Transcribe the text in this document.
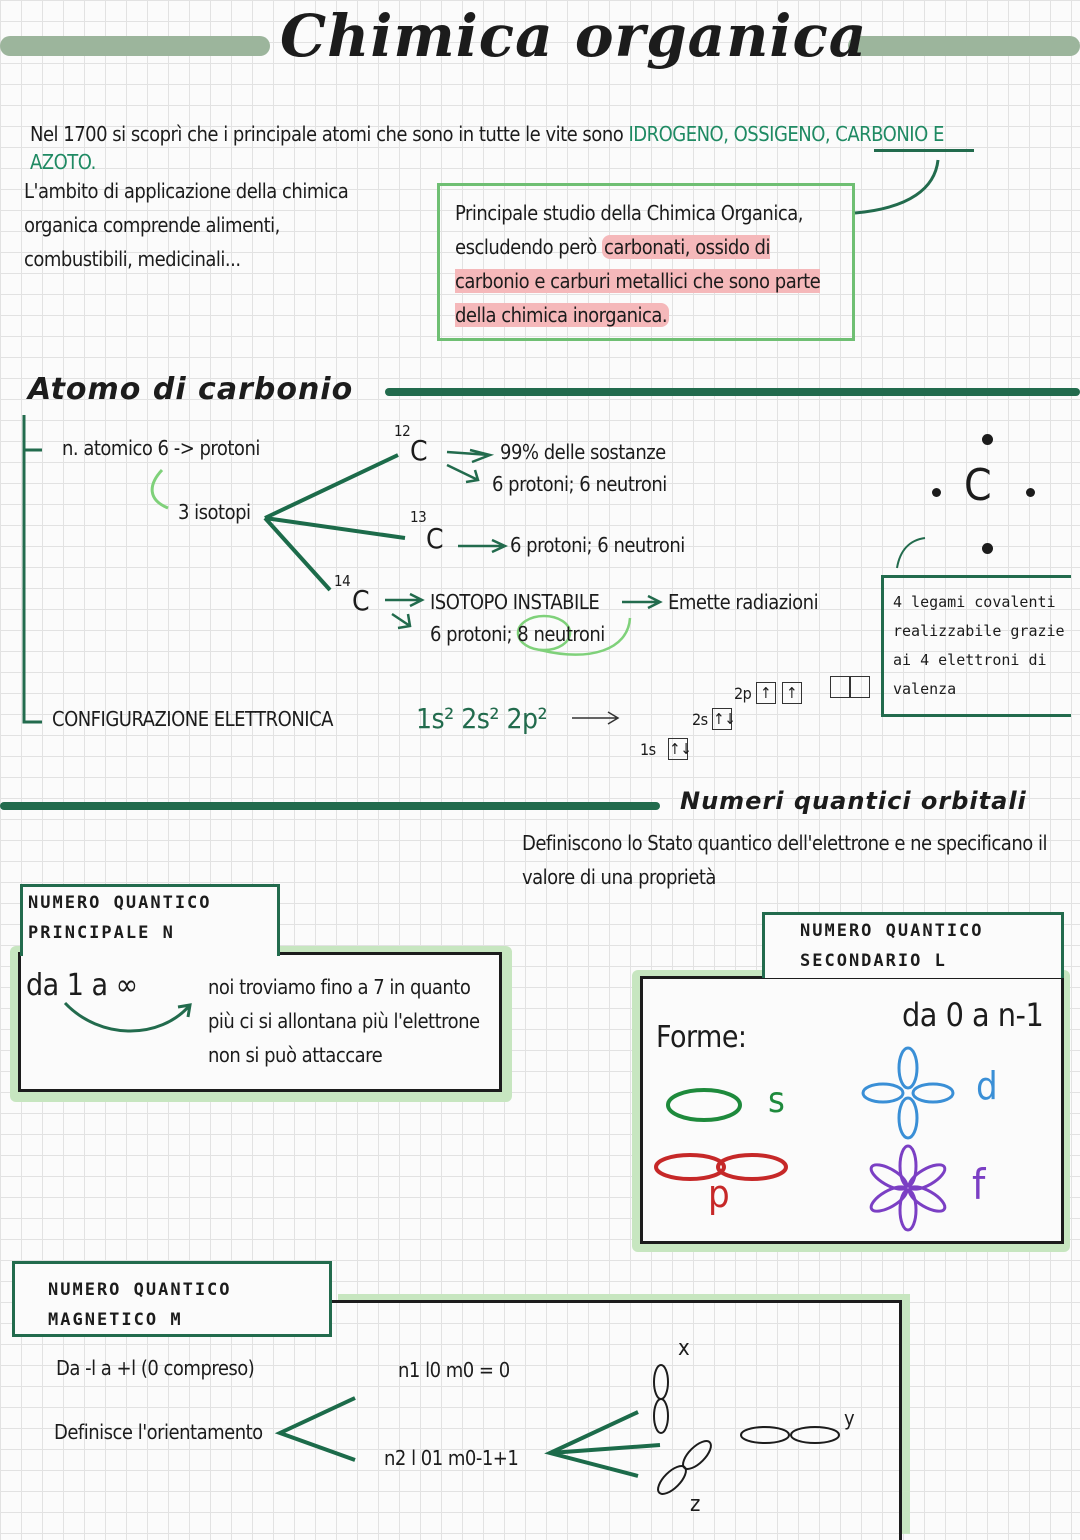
Chimica organica
Nel 1700 si scoprì che i principale atomi che sono in tutte le vite sono IDROGENO, OSSIGENO, CARBONIO E
AZOTO.
L'ambito di applicazione della chimica organica comprende alimenti, combustibili, medicinali...
Principale studio della Chimica Organica, escludendo però carbonati, ossido di carbonio e carburi metallici che sono parte della chimica inorganica.
Atomo di carbonio
n. atomico 6 -> protoni
3 isotopi
12
C	99% delle sostanze
6 protoni; 6 neutroni
13
C	6 protoni; 6 neutroni
14
C	ISOTOPO INSTABILE	Emette radiazioni
6 protoni; 8 neutroni
CONFIGURAZIONE ELETTRONICA	1s² 2s² 2p²
2p ↑ ↑
2s ↑↓
1s ↑↓
C
4 legami covalenti realizzabile grazie ai 4 elettroni di valenza
Numeri quantici orbitali
Definiscono lo Stato quantico dell'elettrone e ne specificano il valore di una proprietà
NUMERO QUANTICO PRINCIPALE N
da 1 a ∞	noi troviamo fino a 7 in quanto più ci si allontana più l'elettrone non si può attaccare
NUMERO QUANTICO SECONDARIO L
da 0 a n-1
Forme:
s
p
d
f
NUMERO QUANTICO MAGNETICO M
Da -l a +l (0 compreso)
Definisce l'orientamento
n1 l0 m0 = 0
n2 l 01 m0-1+1
x
y
z
